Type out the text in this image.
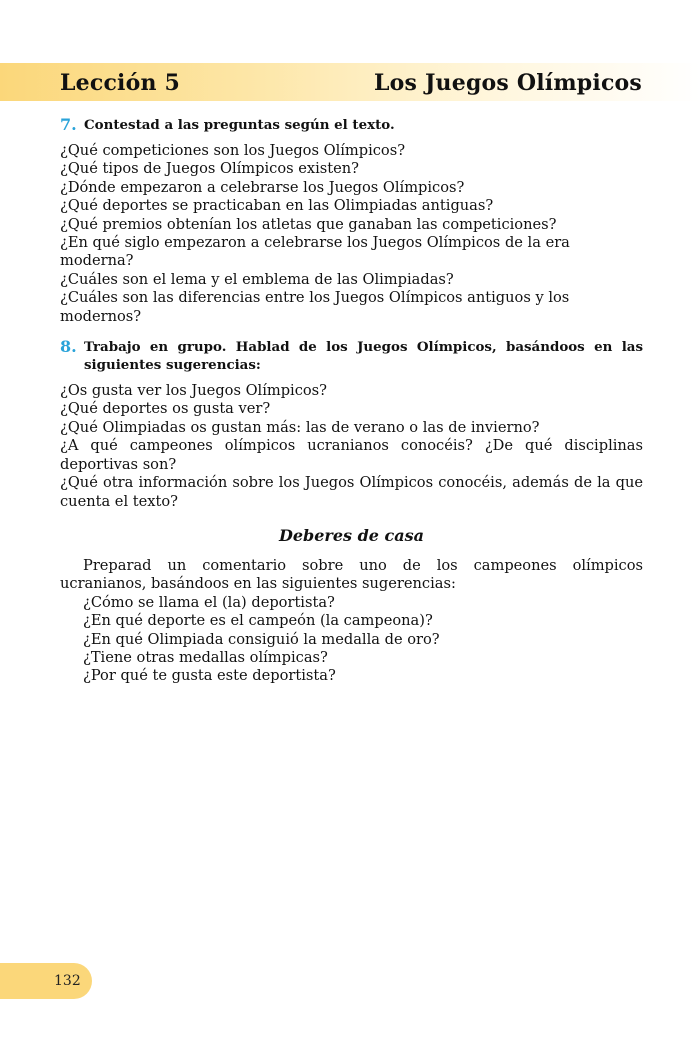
Lección 5	Los Juegos Olímpicos
7. Contestad a las preguntas según el texto.

¿Qué competiciones son los Juegos Olímpicos?

¿Qué tipos de Juegos Olímpicos existen?

¿Dónde empezaron a celebrarse los Juegos Olímpicos?

¿Qué deportes se practicaban en las Olimpiadas antiguas?

¿Qué premios obtenían los atletas que ganaban las competiciones?

¿En qué siglo empezaron a celebrarse los Juegos Olímpicos de la era moderna?

¿Cuáles son el lema y el emblema de las Olimpiadas?

¿Cuáles son las diferencias entre los Juegos Olímpicos antiguos y los modernos?

8. Trabajo en grupo. Hablad de los Juegos Olímpicos, basándoos en las siguientes sugerencias:

¿Os gusta ver los Juegos Olímpicos?

¿Qué deportes os gusta ver?

¿Qué Olimpiadas os gustan más: las de verano o las de invierno?

¿A qué campeones olímpicos ucranianos conocéis? ¿De qué disciplinas deportivas son?

¿Qué otra información sobre los Juegos Olímpicos conocéis, además de la que cuenta el texto?

Deberes de casa

Preparad un comentario sobre uno de los campeones olímpicos ucranianos, basándoos en las siguientes sugerencias:

¿Cómo se llama el (la) deportista?

¿En qué deporte es el campeón (la campeona)?

¿En qué Olimpiada consiguió la medalla de oro?

¿Tiene otras medallas olímpicas?

¿Por qué te gusta este deportista?

132
